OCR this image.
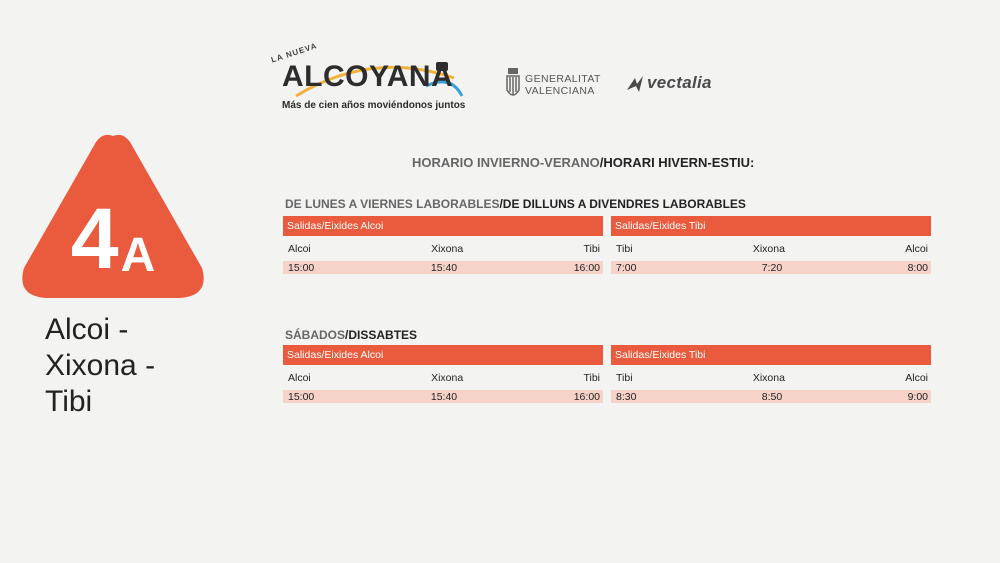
LA NUEVA
ALCOYANA
Más de cien años moviéndonos juntos
GENERALITAT
VALENCIANA	vectalia
4 A
Alcoi -
Xixona -
Tibi
HORARIO INVIERNO-VERANO/HORARI HIVERN-ESTIU:
DE LUNES A VIERNES LABORABLES/DE DILLUNS A DIVENDRES LABORABLES
Salidas/Eixides Alcoi
Alcoi	Xixona	Tibi
15:00	15:40	16:00
Salidas/Eixides Tibi
Tibi	Xixona	Alcoi
7:00	7:20	8:00
SÁBADOS/DISSABTES
Salidas/Eixides Alcoi
Alcoi	Xixona	Tibi
15:00	15:40	16:00
Salidas/Eixides Tibi
Tibi	Xixona	Alcoi
8:30	8:50	9:00
